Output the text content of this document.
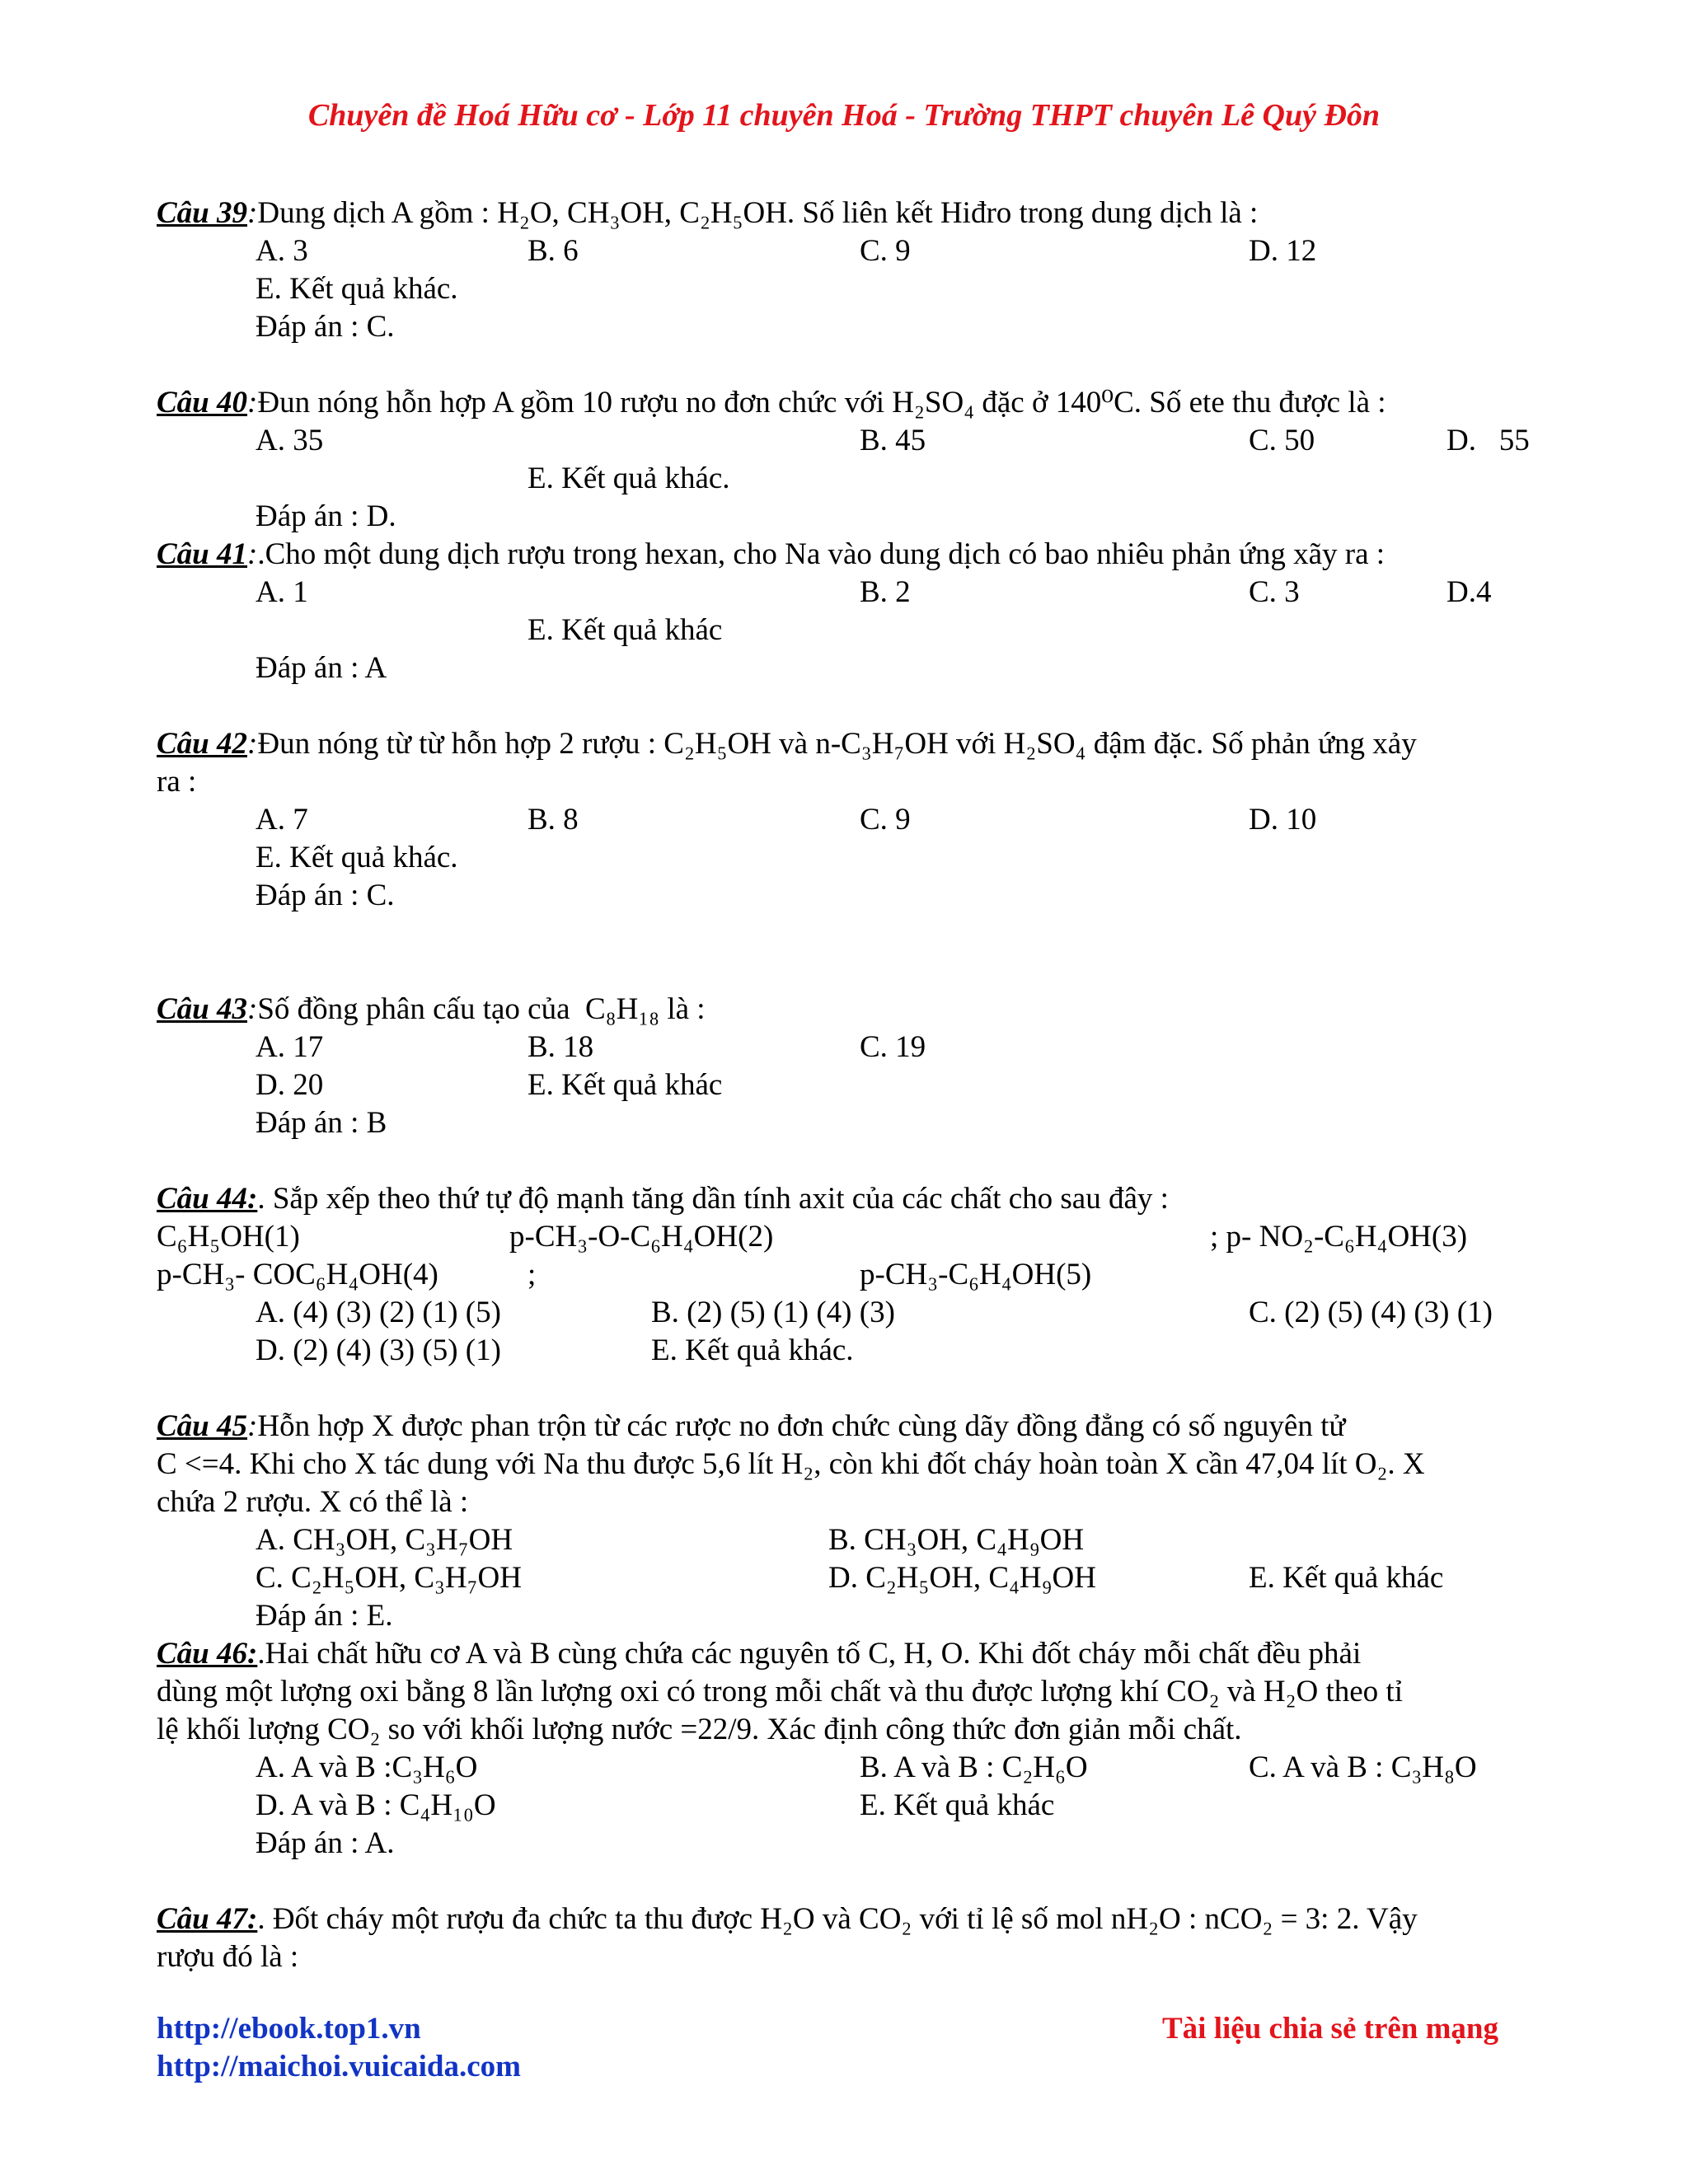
Chuyên đề Hoá Hữu cơ - Lớp 11 chuyên Hoá - Trường THPT chuyên Lê Quý Đôn
Câu 39:Dung dịch A gồm : H₂O, CH₃OH, C₂H₅OH. Số liên kết Hiđro trong dung dịch là :
A. 3	B. 6	C. 9	D. 12
E. Kết quả khác.
Đáp án : C.
Câu 40:Đun nóng hỗn hợp A gồm 10 rượu no đơn chức với H₂SO₄ đặc ở 140⁰C. Số ete thu được là :
A. 35	B. 45	C. 50	D.   55
E. Kết quả khác.
Đáp án : D.
Câu 41:.Cho một dung dịch rượu trong hexan, cho Na vào dung dịch có bao nhiêu phản ứng xãy ra :
A. 1	B. 2	C. 3	D.4
E. Kết quả khác
Đáp án : A
Câu 42:Đun nóng từ từ hỗn hợp 2 rượu : C₂H₅OH và n-C₃H₇OH với H₂SO₄ đậm đặc. Số phản ứng xảy
ra :
A. 7	B. 8	C. 9	D. 10
E. Kết quả khác.
Đáp án : C.
Câu 43:Số đồng phân cấu tạo của  C₈H₁₈ là :
A. 17	B. 18	C. 19
D. 20	E. Kết quả khác
Đáp án : B
Câu 44:. Sắp xếp theo thứ tự độ mạnh tăng dần tính axit của các chất cho sau đây :
C₆H₅OH(1)	p-CH₃-O-C₆H₄OH(2)	; p- NO₂-C₆H₄OH(3)
p-CH₃- COC₆H₄OH(4)	;	p-CH₃-C₆H₄OH(5)
A. (4) (3) (2) (1) (5)	B. (2) (5) (1) (4) (3)	C. (2) (5) (4) (3) (1)
D. (2) (4) (3) (5) (1)	E. Kết quả khác.
Câu 45:Hỗn hợp X được phan trộn từ các rược no đơn chức cùng dãy đồng đẳng có số nguyên tử
C <=4. Khi cho X tác dung với Na thu được 5,6 lít H₂, còn khi đốt cháy hoàn toàn X cần 47,04 lít O₂. X
chứa 2 rượu. X có thể là :
A. CH₃OH, C₃H₇OH	B. CH₃OH, C₄H₉OH
C. C₂H₅OH, C₃H₇OH	D. C₂H₅OH, C₄H₉OH	E. Kết quả khác
Đáp án : E.
Câu 46:.Hai chất hữu cơ A và B cùng chứa các nguyên tố C, H, O. Khi đốt cháy mỗi chất đều phải
dùng một lượng oxi bằng 8 lần lượng oxi có trong mỗi chất và thu được lượng khí CO₂ và H₂O theo tỉ
lệ khối lượng CO₂ so với khối lượng nước =22/9. Xác định công thức đơn giản mỗi chất.
A. A và B :C₃H₆O	B. A và B : C₂H₆O	C. A và B : C₃H₈O
D. A và B : C₄H₁₀O	E. Kết quả khác
Đáp án : A.
Câu 47:. Đốt cháy một rượu đa chức ta thu được H₂O và CO₂ với tỉ lệ số mol nH₂O : nCO₂ = 3: 2. Vậy
rượu đó là :
http://ebook.top1.vn
http://maichoi.vuicaida.com
Tài liệu chia sẻ trên mạng
